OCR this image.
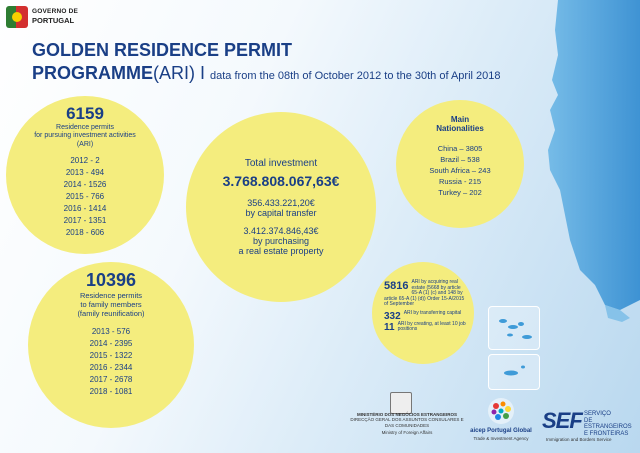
GOVERNO DE
PORTUGAL
GOLDEN RESIDENCE PERMIT
PROGRAMME(ARI) I data from the 08th of October 2012 to the 30th of April 2018
6159
Residence permits
for pursuing investment activities
(ARI)
2012 - 2
2013 - 494
2014 - 1526
2015 - 766
2016 - 1414
2017 - 1351
2018 - 606
10396
Residence permits
to family members
(family reunification)
2013 - 576
2014 - 2395
2015 - 1322
2016 - 2344
2017 - 2678
2018 - 1081
Total investment
3.768.808.067,63€
356.433.221,20€
by capital transfer
3.412.374.846,43€
by purchasing
a real estate property
Main
Nationalities
China – 3805
Brazil – 538
South Africa – 243
Russia - 215
Turkey – 202
5816 ARI by acquiring real estate (5668 by article 65-A (1) (c) and 148 by article 65-A (1) (d)) Order 15-A/2015 of September
332 ARI by transferring capital
11 ARI by creating, at least 10 job positions
MINISTÉRIO DOS NEGÓCIOS ESTRANGEIROS
DIRECÇÃO GERAL DOS ASSUNTOS CONSULARES E
DAS COMUNIDADES
Ministry of Foreign Affairs	aicep Portugal Global
Trade & Investment Agency
SEF SERVIÇO
DE ESTRANGEIROS
E FRONTEIRAS
Immigration and Borders Service
